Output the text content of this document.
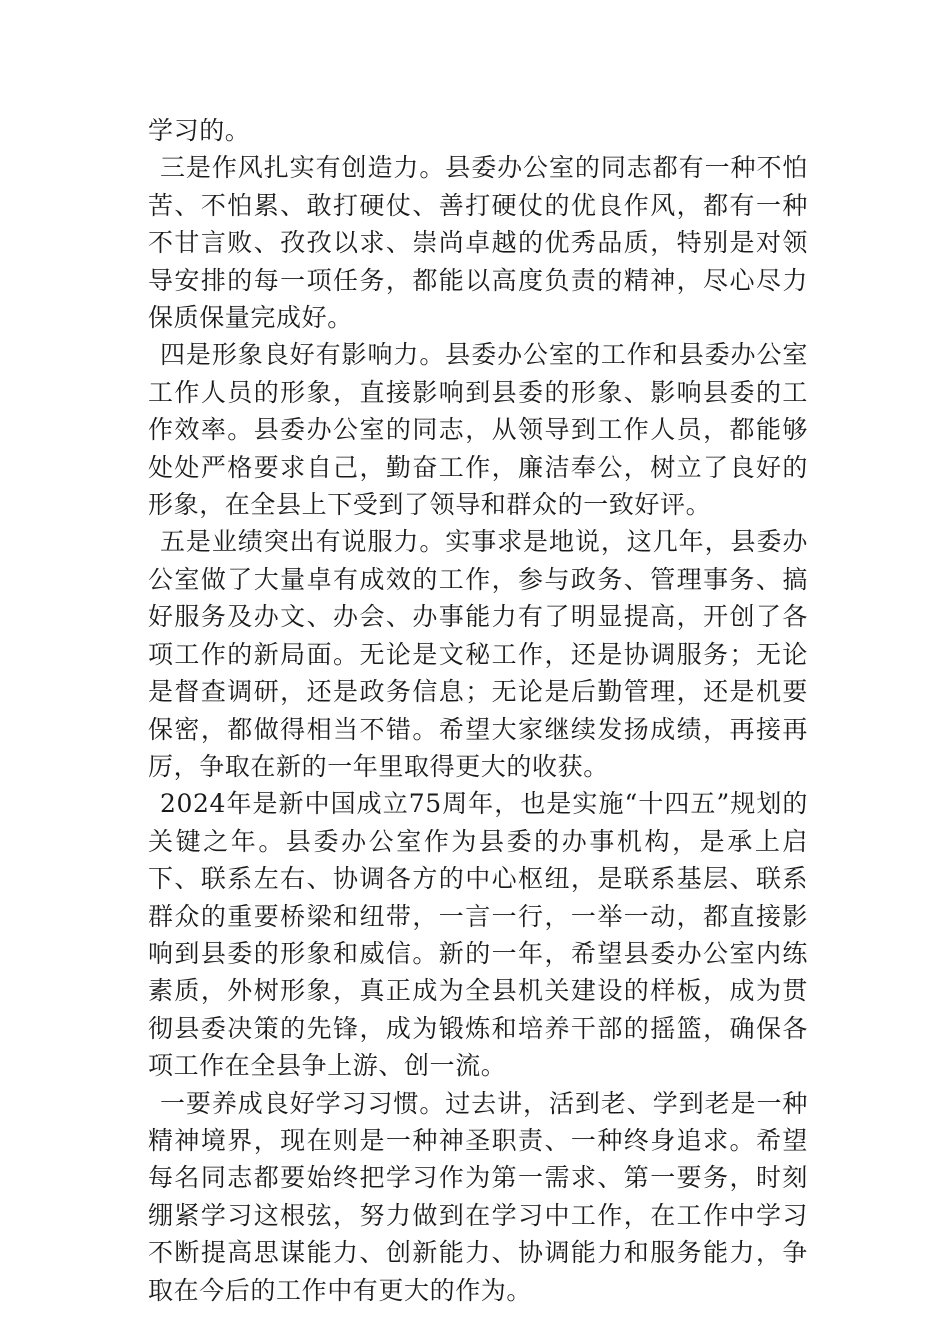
学习的。

三是作风扎实有创造力。县委办公室的同志都有一种不怕苦、不怕累、敢打硬仗、善打硬仗的优良作风，都有一种不甘言败、孜孜以求、崇尚卓越的优秀品质，特别是对领导安排的每一项任务，都能以高度负责的精神，尽心尽力保质保量完成好。

四是形象良好有影响力。县委办公室的工作和县委办公室工作人员的形象，直接影响到县委的形象、影响县委的工作效率。县委办公室的同志，从领导到工作人员，都能够处处严格要求自己，勤奋工作，廉洁奉公，树立了良好的形象，在全县上下受到了领导和群众的一致好评。

五是业绩突出有说服力。实事求是地说，这几年，县委办公室做了大量卓有成效的工作，参与政务、管理事务、搞好服务及办文、办会、办事能力有了明显提高，开创了各项工作的新局面。无论是文秘工作，还是协调服务；无论是督查调研，还是政务信息；无论是后勤管理，还是机要保密，都做得相当不错。希望大家继续发扬成绩，再接再厉，争取在新的一年里取得更大的收获。

2024年是新中国成立75周年，也是实施“十四五”规划的关键之年。县委办公室作为县委的办事机构，是承上启下、联系左右、协调各方的中心枢纽，是联系基层、联系群众的重要桥梁和纽带，一言一行，一举一动，都直接影响到县委的形象和威信。新的一年，希望县委办公室内练素质，外树形象，真正成为全县机关建设的样板，成为贯彻县委决策的先锋，成为锻炼和培养干部的摇篮，确保各项工作在全县争上游、创一流。

一要养成良好学习习惯。过去讲，活到老、学到老是一种精神境界，现在则是一种神圣职责、一种终身追求。希望每名同志都要始终把学习作为第一需求、第一要务，时刻绷紧学习这根弦，努力做到在学习中工作，在工作中学习不断提高思谋能力、创新能力、协调能力和服务能力，争取在今后的工作中有更大的作为。
